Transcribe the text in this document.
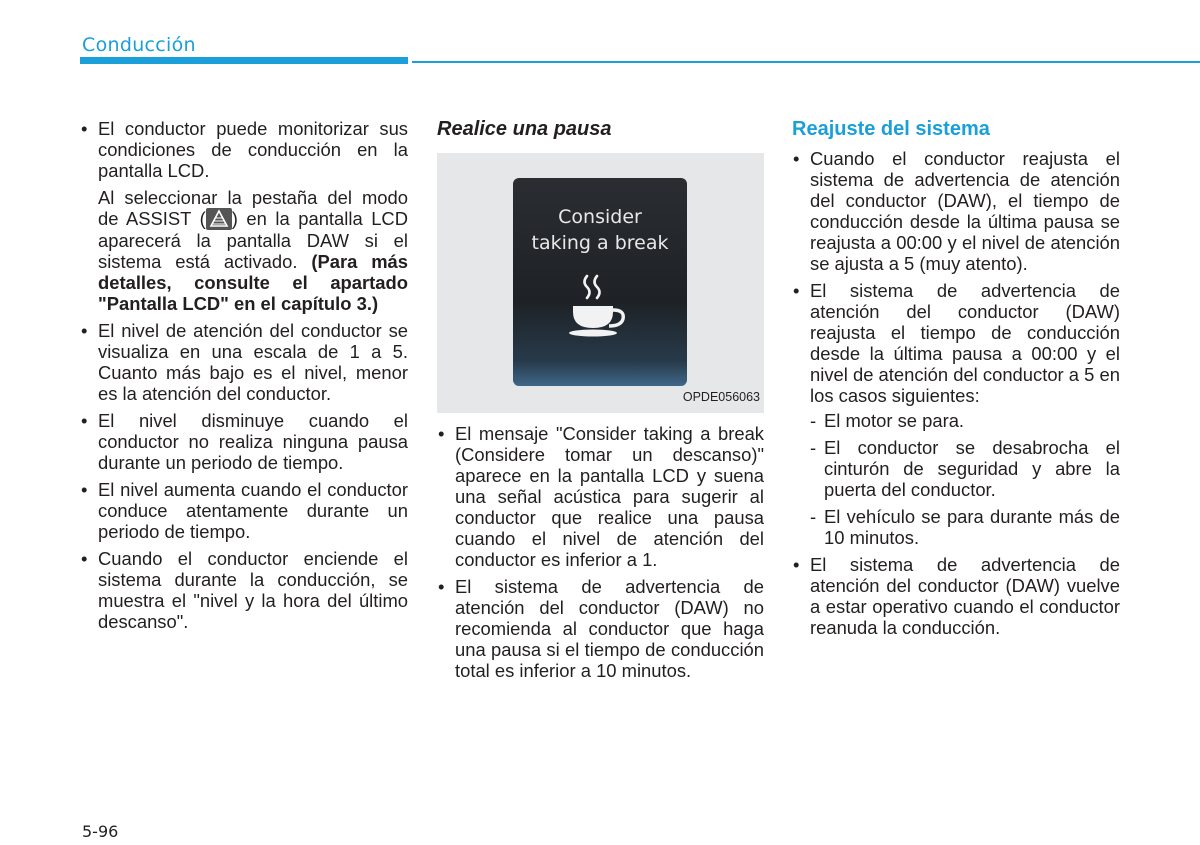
Conducción

• El conductor puede monitorizar sus condiciones de conducción en la pantalla LCD.

Al seleccionar la pestaña del modo de ASSIST ( ) en la pantalla LCD aparecerá la pantalla DAW si el sistema está activado. (Para más detalles, consulte el apartado "Pantalla LCD" en el capítulo 3.)

• El nivel de atención del conductor se visualiza en una escala de 1 a 5. Cuanto más bajo es el nivel, menor es la atención del conductor.
• El nivel disminuye cuando el conductor no realiza ninguna pausa durante un periodo de tiempo.
• El nivel aumenta cuando el conductor conduce atentamente durante un periodo de tiempo.
• Cuando el conductor enciende el sistema durante la conducción, se muestra el "nivel y la hora del último descanso".
Realice una pausa
Consider
taking a break
OPDE056063
• El mensaje "Consider taking a break (Considere tomar un descanso)" aparece en la pantalla LCD y suena una señal acústica para sugerir al conductor que realice una pausa cuando el nivel de atención del conductor es inferior a 1.
• El sistema de advertencia de atención del conductor (DAW) no recomienda al conductor que haga una pausa si el tiempo de conducción total es inferior a 10 minutos.
Reajuste del sistema
• Cuando el conductor reajusta el sistema de advertencia de atención del conductor (DAW), el tiempo de conducción desde la última pausa se reajusta a 00:00 y el nivel de atención se ajusta a 5 (muy atento).

• El sistema de advertencia de atención del conductor (DAW) reajusta el tiempo de conducción desde la última pausa a 00:00 y el nivel de atención del conductor a 5 en los casos siguientes:

- El motor se para.
- El conductor se desabrocha el cinturón de seguridad y abre la puerta del conductor.
- El vehículo se para durante más de 10 minutos.
• El sistema de advertencia de atención del conductor (DAW) vuelve a estar operativo cuando el conductor reanuda la conducción.
5-96
